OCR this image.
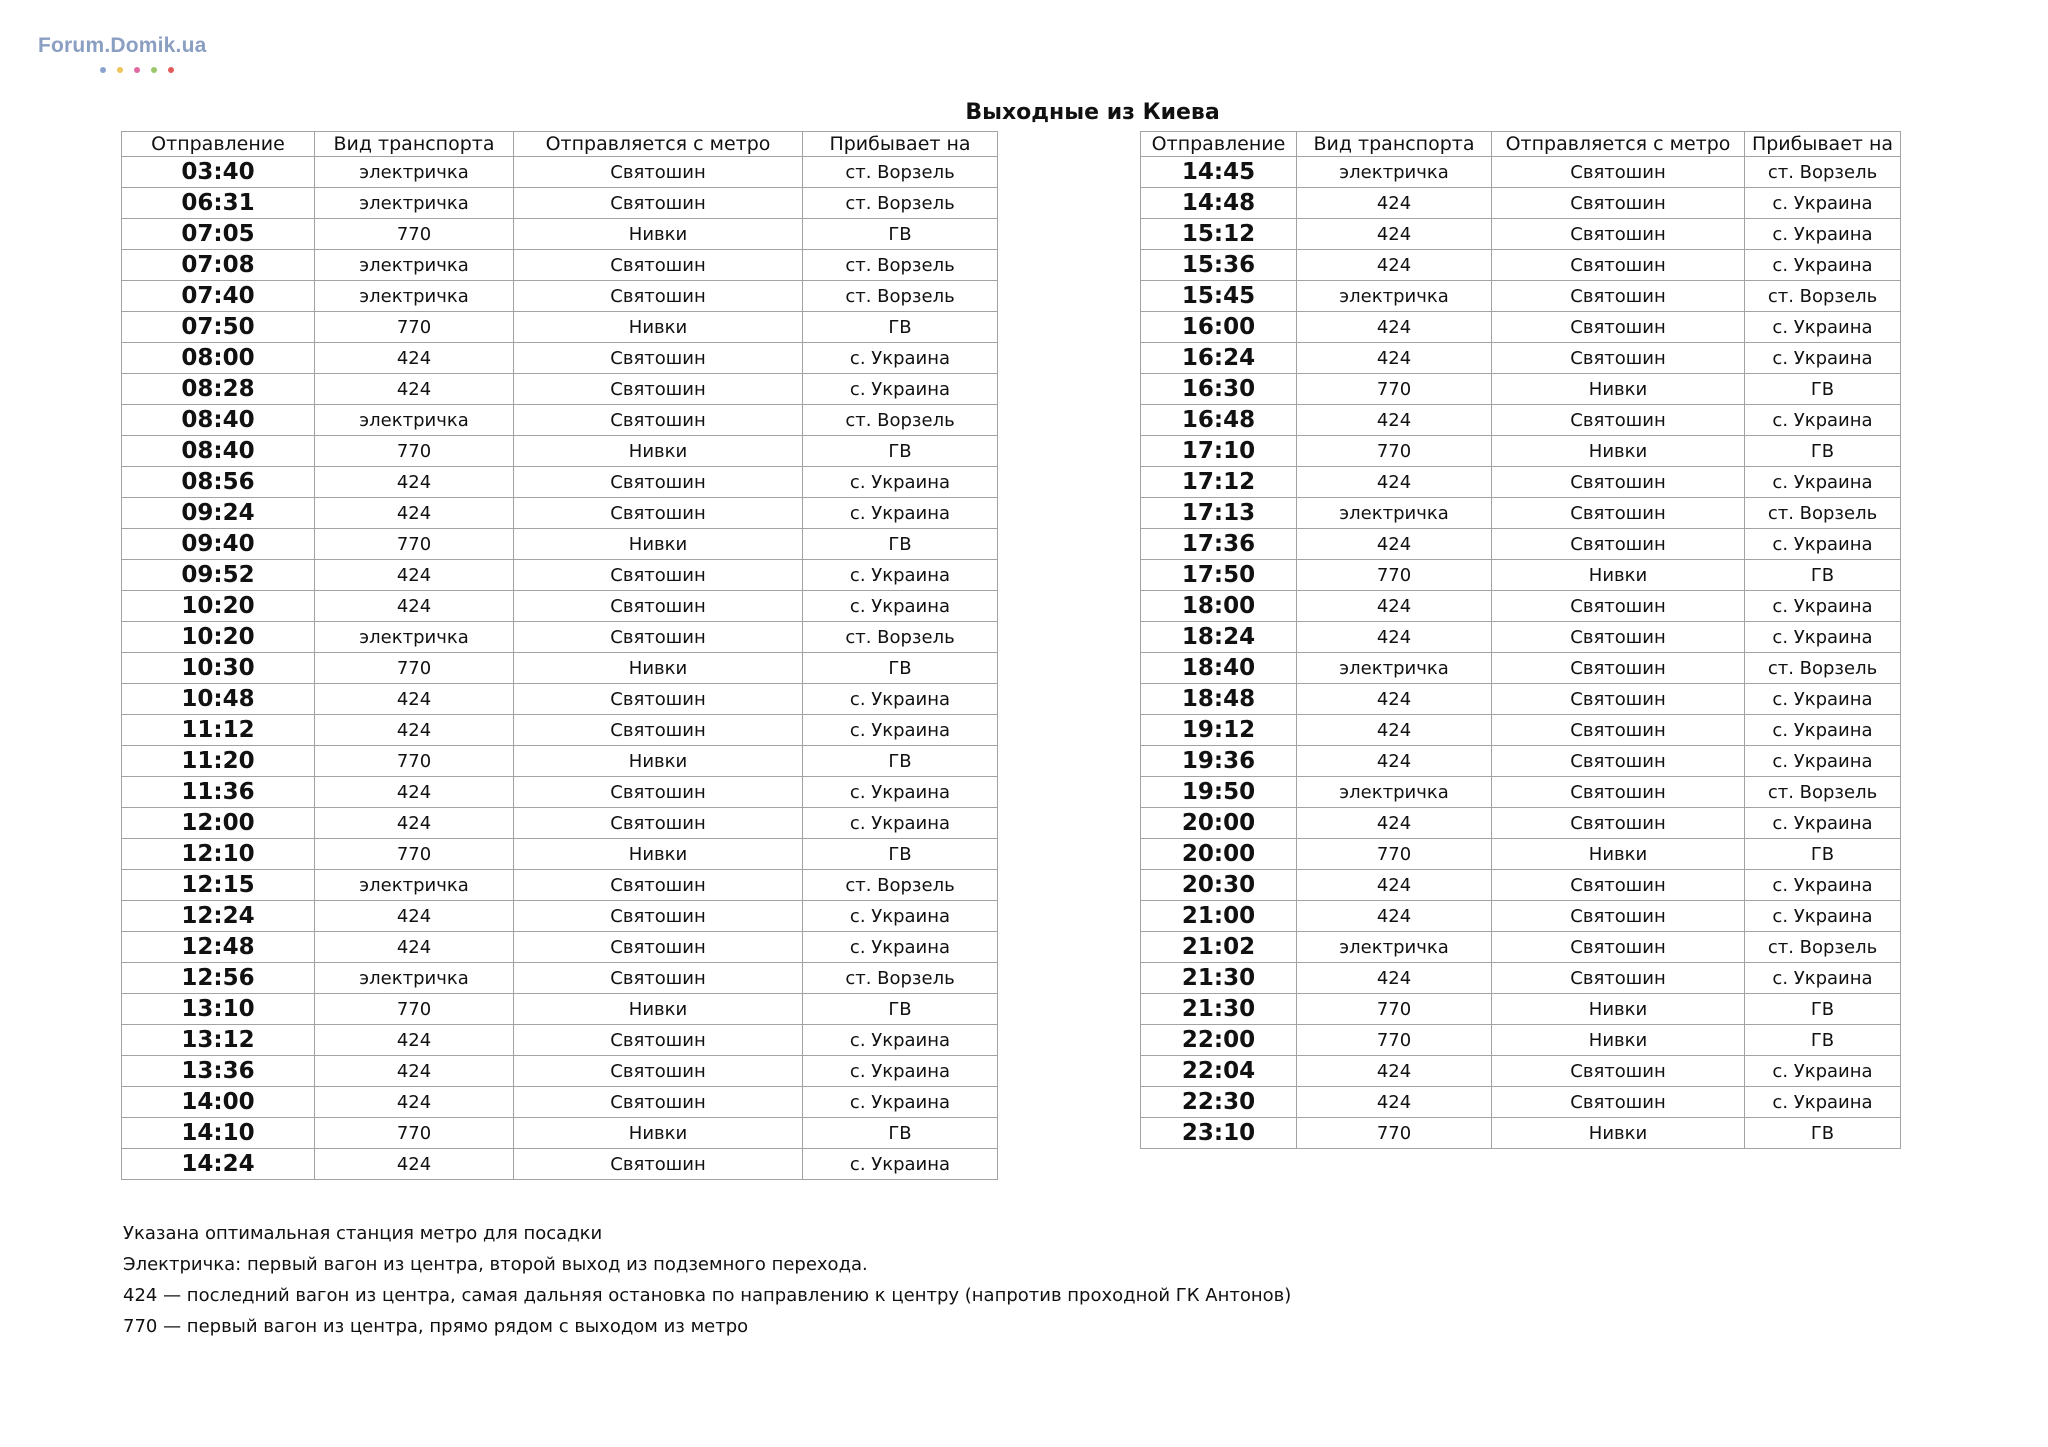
Forum.Domik.ua
Выходные из Киева
Отправление	Вид транспорта	Отправляется с метро	Прибывает на
03:40	электричка	Святошин	ст. Ворзель
06:31	электричка	Святошин	ст. Ворзель
07:05	770	Нивки	ГВ
07:08	электричка	Святошин	ст. Ворзель
07:40	электричка	Святошин	ст. Ворзель
07:50	770	Нивки	ГВ
08:00	424	Святошин	с. Украина
08:28	424	Святошин	с. Украина
08:40	электричка	Святошин	ст. Ворзель
08:40	770	Нивки	ГВ
08:56	424	Святошин	с. Украина
09:24	424	Святошин	с. Украина
09:40	770	Нивки	ГВ
09:52	424	Святошин	с. Украина
10:20	424	Святошин	с. Украина
10:20	электричка	Святошин	ст. Ворзель
10:30	770	Нивки	ГВ
10:48	424	Святошин	с. Украина
11:12	424	Святошин	с. Украина
11:20	770	Нивки	ГВ
11:36	424	Святошин	с. Украина
12:00	424	Святошин	с. Украина
12:10	770	Нивки	ГВ
12:15	электричка	Святошин	ст. Ворзель
12:24	424	Святошин	с. Украина
12:48	424	Святошин	с. Украина
12:56	электричка	Святошин	ст. Ворзель
13:10	770	Нивки	ГВ
13:12	424	Святошин	с. Украина
13:36	424	Святошин	с. Украина
14:00	424	Святошин	с. Украина
14:10	770	Нивки	ГВ
14:24	424	Святошин	с. Украина
Отправление	Вид транспорта	Отправляется с метро	Прибывает на
14:45	электричка	Святошин	ст. Ворзель
14:48	424	Святошин	с. Украина
15:12	424	Святошин	с. Украина
15:36	424	Святошин	с. Украина
15:45	электричка	Святошин	ст. Ворзель
16:00	424	Святошин	с. Украина
16:24	424	Святошин	с. Украина
16:30	770	Нивки	ГВ
16:48	424	Святошин	с. Украина
17:10	770	Нивки	ГВ
17:12	424	Святошин	с. Украина
17:13	электричка	Святошин	ст. Ворзель
17:36	424	Святошин	с. Украина
17:50	770	Нивки	ГВ
18:00	424	Святошин	с. Украина
18:24	424	Святошин	с. Украина
18:40	электричка	Святошин	ст. Ворзель
18:48	424	Святошин	с. Украина
19:12	424	Святошин	с. Украина
19:36	424	Святошин	с. Украина
19:50	электричка	Святошин	ст. Ворзель
20:00	424	Святошин	с. Украина
20:00	770	Нивки	ГВ
20:30	424	Святошин	с. Украина
21:00	424	Святошин	с. Украина
21:02	электричка	Святошин	ст. Ворзель
21:30	424	Святошин	с. Украина
21:30	770	Нивки	ГВ
22:00	770	Нивки	ГВ
22:04	424	Святошин	с. Украина
22:30	424	Святошин	с. Украина
23:10	770	Нивки	ГВ
Указана оптимальная станция метро для посадки
Электричка: первый вагон из центра, второй выход из подземного перехода.
424 — последний вагон из центра, самая дальняя остановка по направлению к центру (напротив проходной ГК Антонов)
770 — первый вагон из центра, прямо рядом с выходом из метро
